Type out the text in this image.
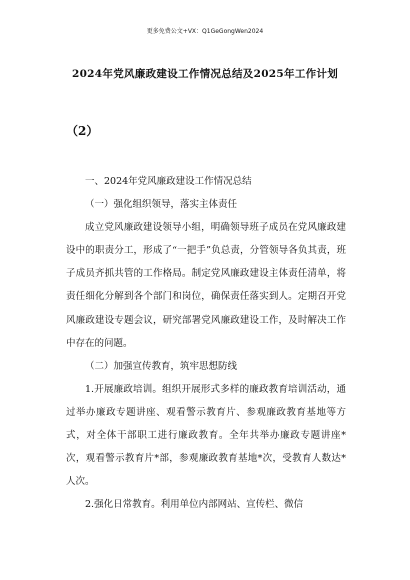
更多免费公文+VX：Q1GeGongWen2024
2024年党风廉政建设工作情况总结及2025年工作计划
（2）

一、2024年党风廉政建设工作情况总结

（一）强化组织领导，落实主体责任

成立党风廉政建设领导小组，明确领导班子成员在党风廉政建设中的职责分工，形成了“一把手”负总责，分管领导各负其责，班子成员齐抓共管的工作格局。制定党风廉政建设主体责任清单，将责任细化分解到各个部门和岗位，确保责任落实到人。定期召开党风廉政建设专题会议，研究部署党风廉政建设工作，及时解决工作中存在的问题。

（二）加强宣传教育，筑牢思想防线

1.开展廉政培训。组织开展形式多样的廉政教育培训活动，通过举办廉政专题讲座、观看警示教育片、参观廉政教育基地等方式，对全体干部职工进行廉政教育。全年共举办廉政专题讲座*次，观看警示教育片*部，参观廉政教育基地*次，受教育人数达*人次。

2.强化日常教育。利用单位内部网站、宣传栏、微信
